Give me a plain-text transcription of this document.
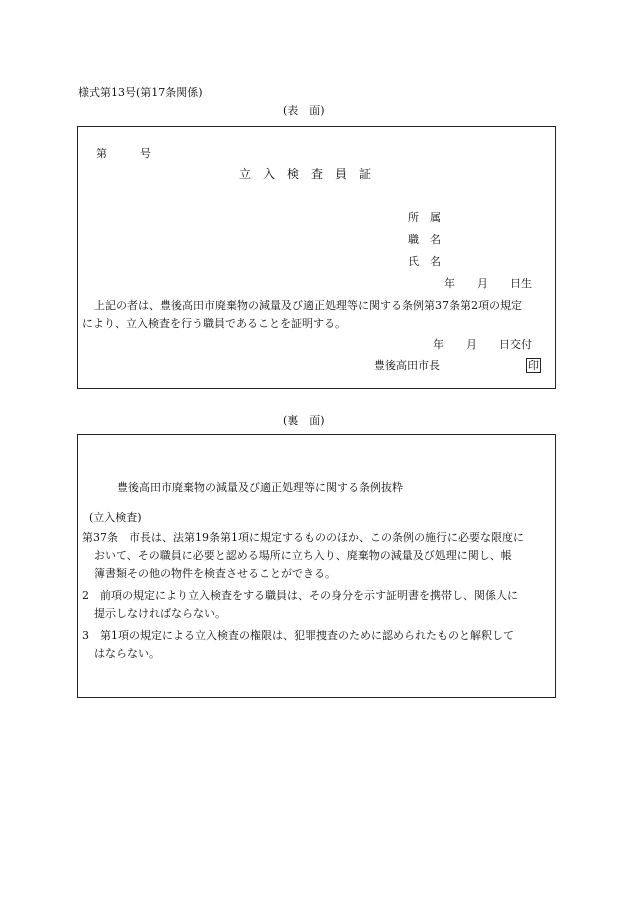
様式第13号(第17条関係)
(表　面)
第　　　号
立　入　検　査　員　証
所　属
職　名
氏　名
年　　月　　日生
上記の者は、豊後高田市廃棄物の減量及び適正処理等に関する条例第37条第2項の規定
により、立入検査を行う職員であることを証明する。
年　　月　　日交付
豊後高田市長	印
(裏　面)
豊後高田市廃棄物の減量及び適正処理等に関する条例抜粋
(立入検査)
第37条　市長は、法第19条第1項に規定するもののほか、この条例の施行に必要な限度に
おいて、その職員に必要と認める場所に立ち入り、廃棄物の減量及び処理に関し、帳
簿書類その他の物件を検査させることができる。
2　前項の規定により立入検査をする職員は、その身分を示す証明書を携帯し、関係人に
提示しなければならない。
3　第1項の規定による立入検査の権限は、犯罪捜査のために認められたものと解釈して
はならない。
